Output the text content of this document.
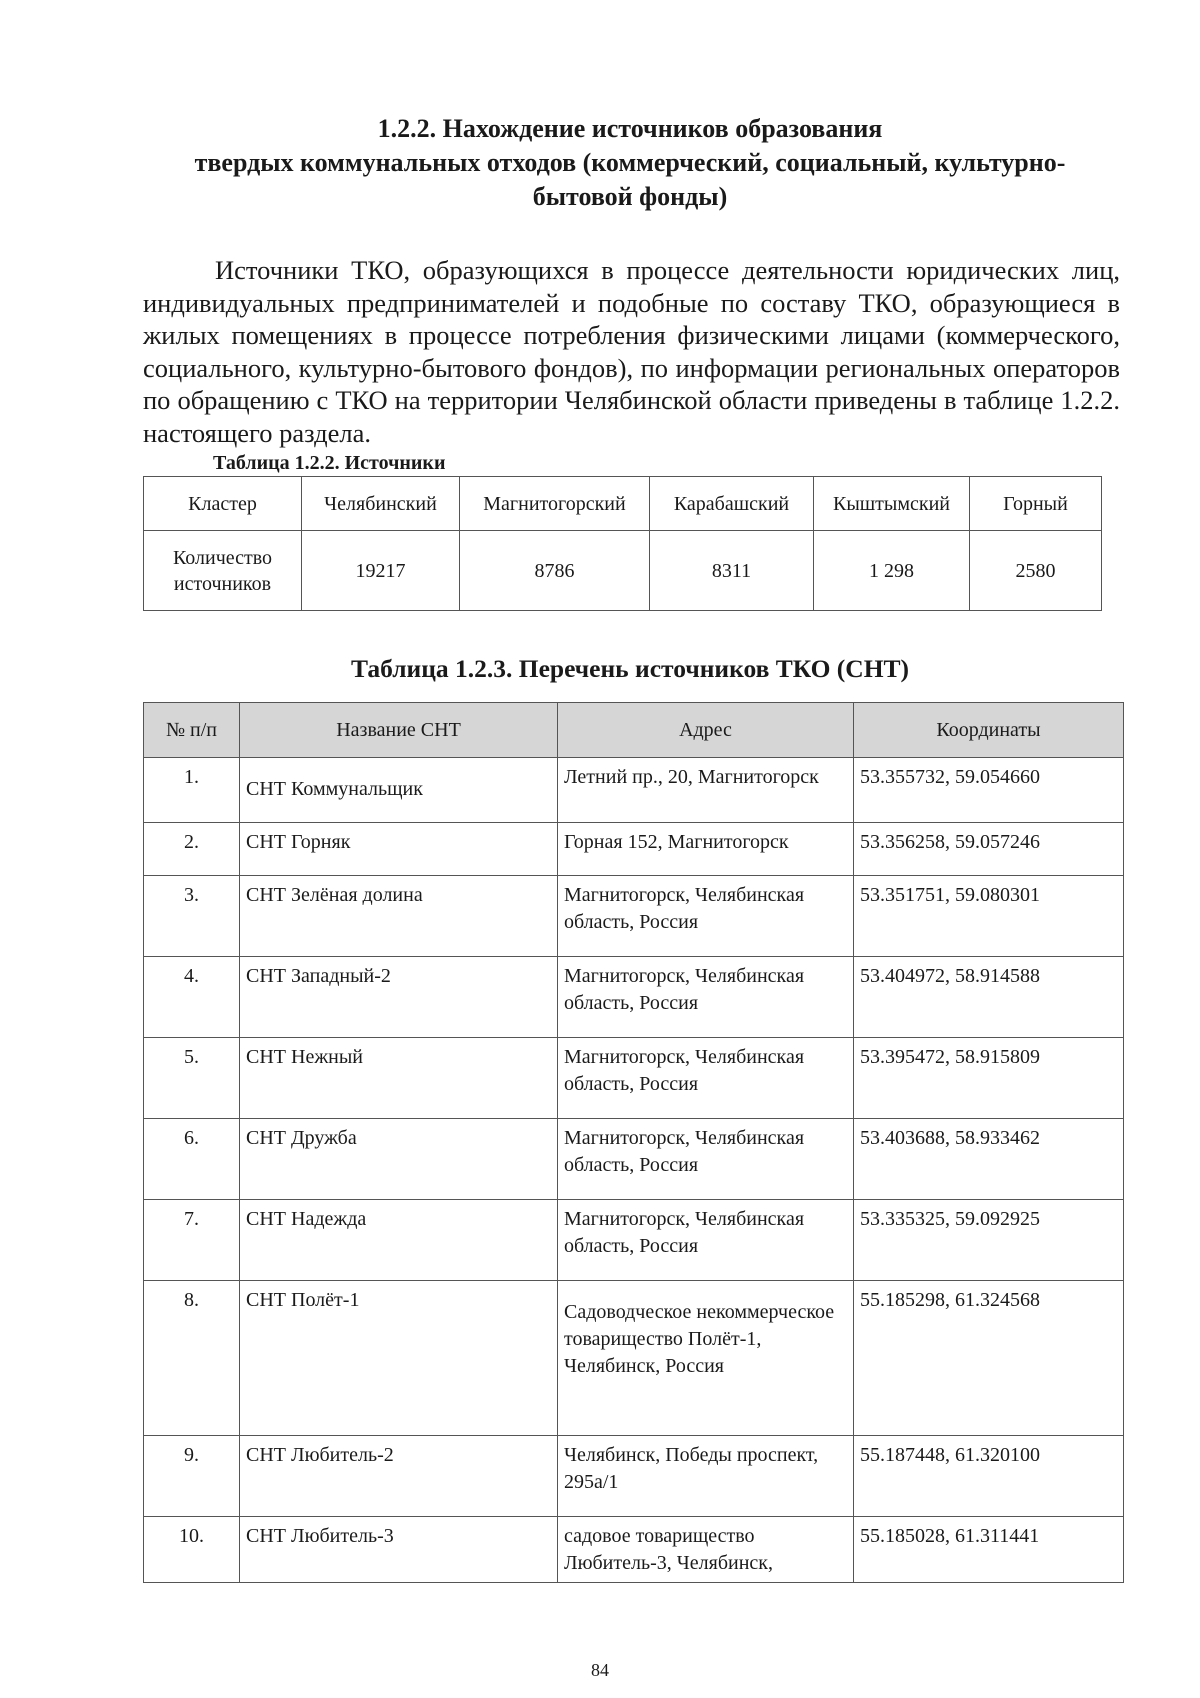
1.2.2. Нахождение источников образования
твердых коммунальных отходов (коммерческий, социальный, культурно-
бытовой фонды)

Источники ТКО, образующихся в процессе деятельности юридических лиц, индивидуальных предпринимателей и подобные по составу ТКО, образующиеся в жилых помещениях в процессе потребления физическими лицами (коммерческого, социального, культурно-бытового фондов), по информации региональных операторов по обращению с ТКО на территории Челябинской области приведены в таблице 1.2.2. настоящего раздела.

Таблица 1.2.2. Источники

Кластер	Челябинский	Магнитогорский	Карабашский	Кыштымский	Горный
Количество источников	19217	8786	8311	1 298	2580

Таблица 1.2.3. Перечень источников ТКО (СНТ)

№ п/п	Название СНТ	Адрес	Координаты
1.	СНТ Коммунальщик	Летний пр., 20, Магнитогорск	53.355732, 59.054660
2.	СНТ Горняк	Горная 152, Магнитогорск	53.356258, 59.057246
3.	СНТ Зелёная долина	Магнитогорск, Челябинская область, Россия	53.351751, 59.080301
4.	СНТ Западный-2	Магнитогорск, Челябинская область, Россия	53.404972, 58.914588
5.	СНТ Нежный	Магнитогорск, Челябинская область, Россия	53.395472, 58.915809
6.	СНТ Дружба	Магнитогорск, Челябинская область, Россия	53.403688, 58.933462
7.	СНТ Надежда	Магнитогорск, Челябинская область, Россия	53.335325, 59.092925
8.	СНТ Полёт-1	Садоводческое некоммерческое товарищество Полёт-1, Челябинск, Россия	55.185298, 61.324568
9.	СНТ Любитель-2	Челябинск, Победы проспект, 295а/1	55.187448, 61.320100
10.	СНТ Любитель-3	садовое товарищество Любитель-3, Челябинск,	55.185028, 61.311441

84
